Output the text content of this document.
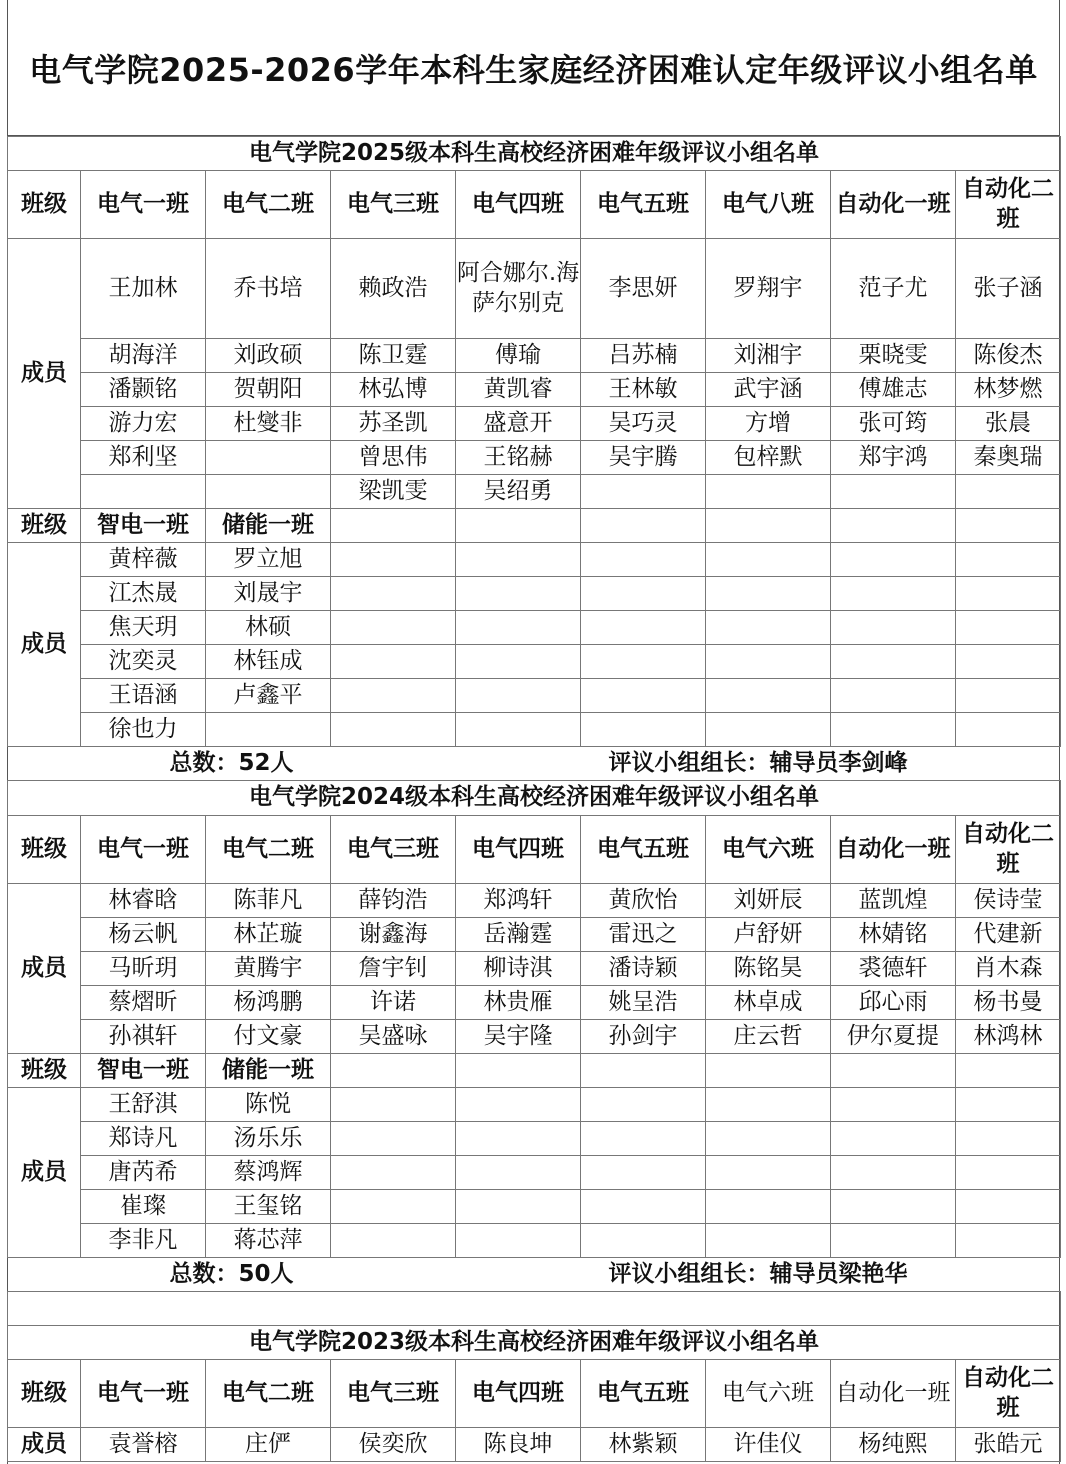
电气学院2025-2026学年本科生家庭经济困难认定年级评议小组名单
电气学院2025级本科生高校经济困难年级评议小组名单								
班级	电气一班	电气二班	电气三班	电气四班	电气五班	电气八班	自动化一班	自动化二班
成员	王加林	乔书培	赖政浩	阿合娜尔.海萨尔别克	李思妍	罗翔宇	范子尤	张子涵
	胡海洋	刘政硕	陈卫霆	傅瑜	吕苏楠	刘湘宇	栗晓雯	陈俊杰
	潘颢铭	贺朝阳	林弘博	黄凯睿	王林敏	武宇涵	傅雄志	林梦燃
	游力宏	杜燮非	苏圣凯	盛意开	吴巧灵	方增	张可筠	张晨
	郑利坚		曾思伟	王铭赫	吴宇腾	包梓默	郑宇鸿	秦奥瑞
			梁凯雯	吴绍勇				
班级	智电一班	储能一班						
成员	黄梓薇	罗立旭						
	江杰晟	刘晟宇						
	焦天玥	林硕						
	沈奕灵	林钰成						
	王语涵	卢鑫平						
	徐也力							
总数：52人				评议小组组长：辅导员李剑峰				
电气学院2024级本科生高校经济困难年级评议小组名单								
班级	电气一班	电气二班	电气三班	电气四班	电气五班	电气六班	自动化一班	自动化二班
成员	林睿晗	陈菲凡	薛钧浩	郑鸿轩	黄欣怡	刘妍辰	蓝凯煌	侯诗莹
	杨云帆	林芷璇	谢鑫海	岳瀚霆	雷迅之	卢舒妍	林婧铭	代建新
	马昕玥	黄腾宇	詹宇钊	柳诗淇	潘诗颖	陈铭昊	裘德轩	肖木森
	蔡熠昕	杨鸿鹏	许诺	林贵雁	姚呈浩	林卓成	邱心雨	杨书曼
	孙祺轩	付文豪	吴盛咏	吴宇隆	孙剑宇	庄云哲	伊尔夏提	林鸿林
班级	智电一班	储能一班						
成员	王舒淇	陈悦						
	郑诗凡	汤乐乐						
	唐芮希	蔡鸿辉						
	崔璨	王玺铭						
	李非凡	蒋芯萍						
总数：50人				评议小组组长：辅导员梁艳华				

电气学院2023级本科生高校经济困难年级评议小组名单								
班级	电气一班	电气二班	电气三班	电气四班	电气五班	电气六班	自动化一班	自动化二班
成员	袁誉榕	庄俨	侯奕欣	陈良坤	林紫颖	许佳仪	杨纯熙	张皓元
